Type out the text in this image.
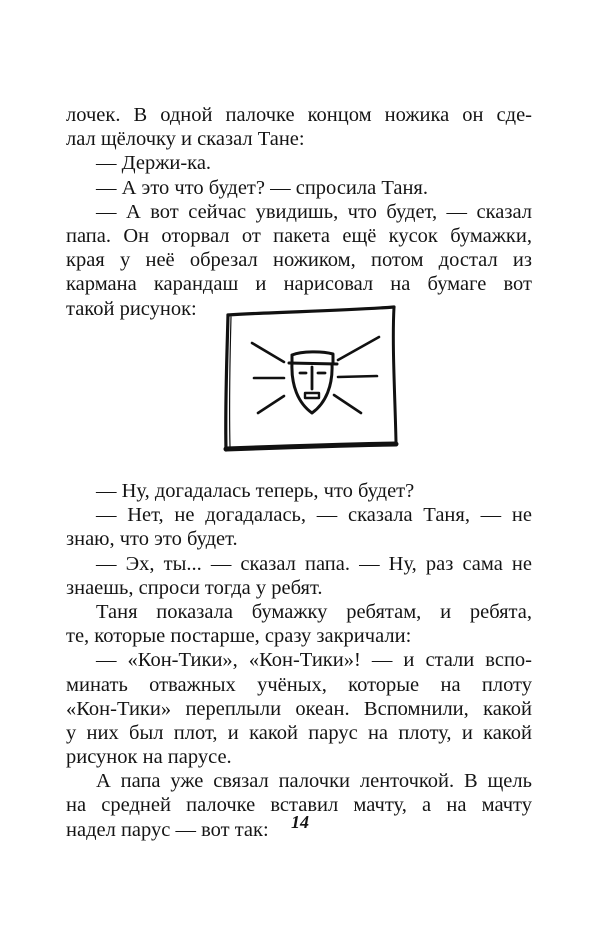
лочек. В одной палочке концом ножика он сде-
лал щёлочку и сказал Тане:
— Держи-ка.
— А это что будет? — спросила Таня.
— А вот сейчас увидишь, что будет, — сказал
папа. Он оторвал от пакета ещё кусок бумажки,
края у неё обрезал ножиком, потом достал из
кармана карандаш и нарисовал на бумаге вот
такой рисунок:
— Ну, догадалась теперь, что будет?
— Нет, не догадалась, — сказала Таня, — не
знаю, что это будет.
— Эх, ты... — сказал папа. — Ну, раз сама не
знаешь, спроси тогда у ребят.
Таня показала бумажку ребятам, и ребята,
те, которые постарше, сразу закричали:
— «Кон-Тики», «Кон-Тики»! — и стали вспо-
минать отважных учёных, которые на плоту
«Кон-Тики» переплыли океан. Вспомнили, какой
у них был плот, и какой парус на плоту, и какой
рисунок на парусе.
А папа уже связал палочки ленточкой. В щель
на средней палочке вставил мачту, а на мачту
надел парус — вот так:	14
